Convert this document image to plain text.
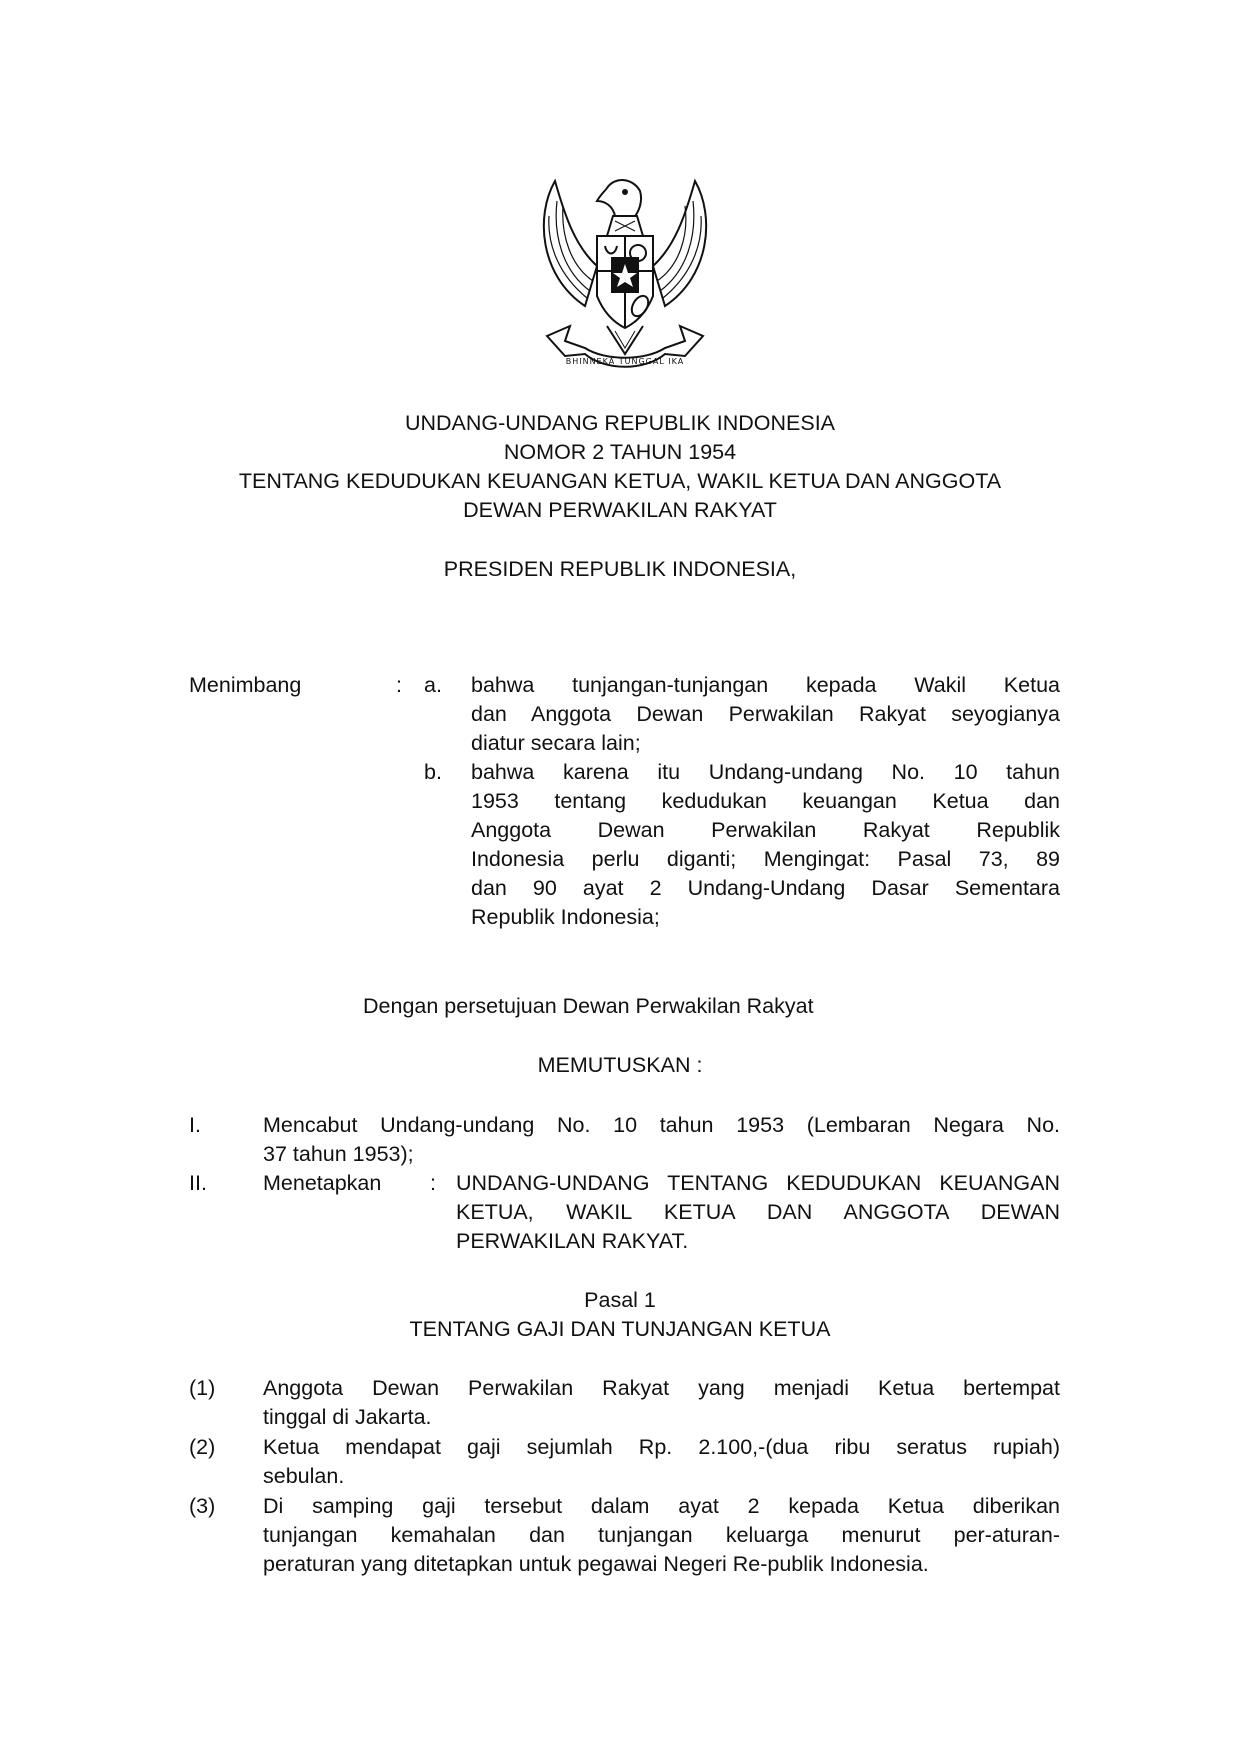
BHINNEKA TUNGGAL IKA
UNDANG-UNDANG REPUBLIK INDONESIA
NOMOR 2 TAHUN 1954
TENTANG KEDUDUKAN KEUANGAN KETUA, WAKIL KETUA DAN ANGGOTA
DEWAN PERWAKILAN RAKYAT
PRESIDEN REPUBLIK INDONESIA,
Menimbang	: a. bahwa tunjangan-tunjangan kepada Wakil Ketua
dan Anggota Dewan Perwakilan Rakyat seyogianya
diatur secara lain;
b. bahwa karena itu Undang-undang No. 10 tahun
1953 tentang kedudukan keuangan Ketua dan
Anggota Dewan Perwakilan Rakyat Republik
Indonesia perlu diganti; Mengingat: Pasal 73, 89
dan 90 ayat 2 Undang-Undang Dasar Sementara
Republik Indonesia;
Dengan persetujuan Dewan Perwakilan Rakyat
MEMUTUSKAN :
I.	Mencabut Undang-undang No. 10 tahun 1953 (Lembaran Negara No.
37 tahun 1953);
II.	Menetapkan : UNDANG-UNDANG TENTANG KEDUDUKAN KEUANGAN
KETUA, WAKIL KETUA DAN ANGGOTA DEWAN
PERWAKILAN RAKYAT.
Pasal 1
TENTANG GAJI DAN TUNJANGAN KETUA
(1) Anggota Dewan Perwakilan Rakyat yang menjadi Ketua bertempat
tinggal di Jakarta.
(2) Ketua mendapat gaji sejumlah Rp. 2.100,-(dua ribu seratus rupiah)
sebulan.
(3) Di samping gaji tersebut dalam ayat 2 kepada Ketua diberikan
tunjangan kemahalan dan tunjangan keluarga menurut per-aturan-
peraturan yang ditetapkan untuk pegawai Negeri Re-publik Indonesia.
